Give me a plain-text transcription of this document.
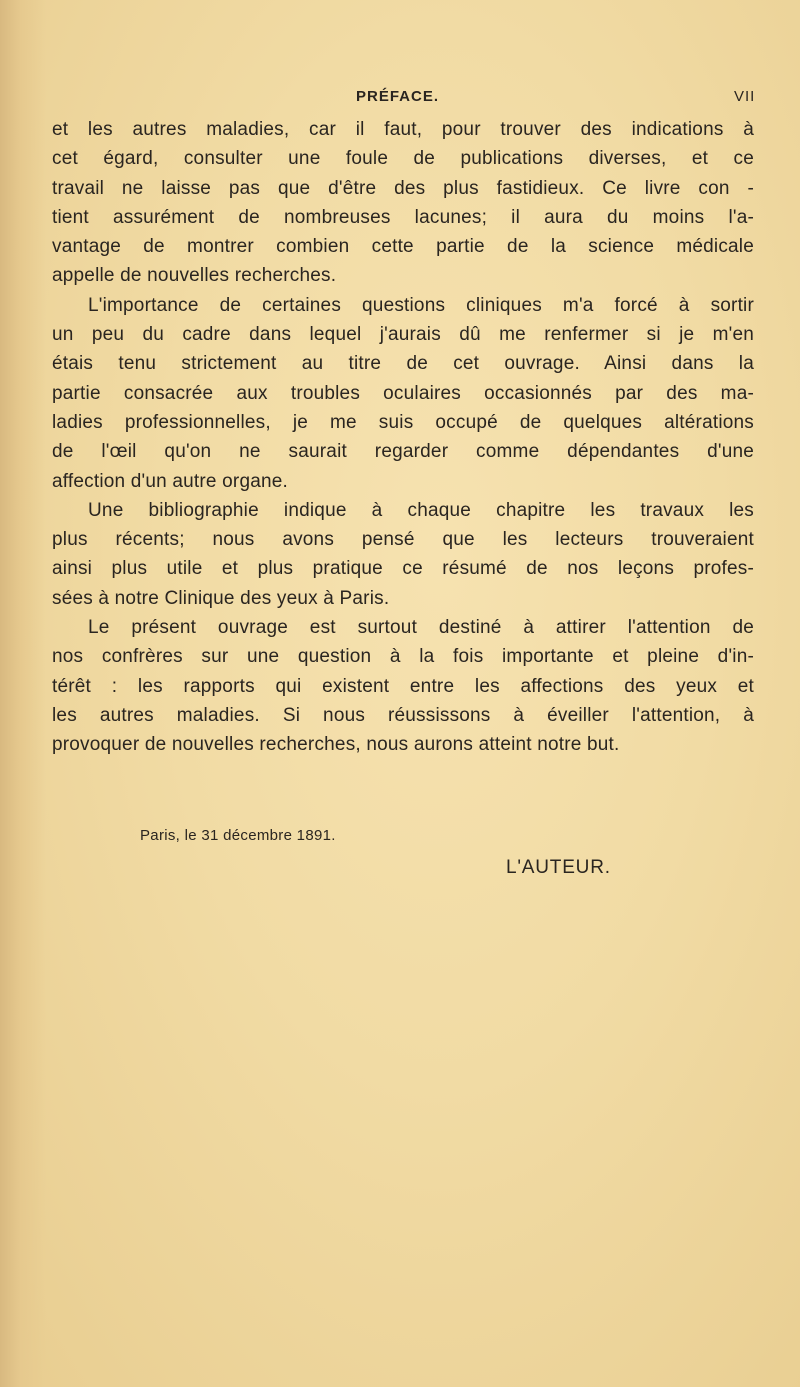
PRÉFACE.	VII
et les autres maladies, car il faut, pour trouver des indications à
cet égard, consulter une foule de publications diverses, et ce
travail ne laisse pas que d'être des plus fastidieux. Ce livre con -
tient assurément de nombreuses lacunes; il aura du moins l'a-
vantage de montrer combien cette partie de la science médicale
appelle de nouvelles recherches.
L'importance de certaines questions cliniques m'a forcé à sortir
un peu du cadre dans lequel j'aurais dû me renfermer si je m'en
étais tenu strictement au titre de cet ouvrage. Ainsi dans la
partie consacrée aux troubles oculaires occasionnés par des ma-
ladies professionnelles, je me suis occupé de quelques altérations
de l'œil qu'on ne saurait regarder comme dépendantes d'une
affection d'un autre organe.
Une bibliographie indique à chaque chapitre les travaux les
plus récents; nous avons pensé que les lecteurs trouveraient
ainsi plus utile et plus pratique ce résumé de nos leçons profes-
sées à notre Clinique des yeux à Paris.
Le présent ouvrage est surtout destiné à attirer l'attention de
nos confrères sur une question à la fois importante et pleine d'in-
térêt : les rapports qui existent entre les affections des yeux et
les autres maladies. Si nous réussissons à éveiller l'attention, à
provoquer de nouvelles recherches, nous aurons atteint notre but.
Paris, le 31 décembre 1891.
L'AUTEUR.
